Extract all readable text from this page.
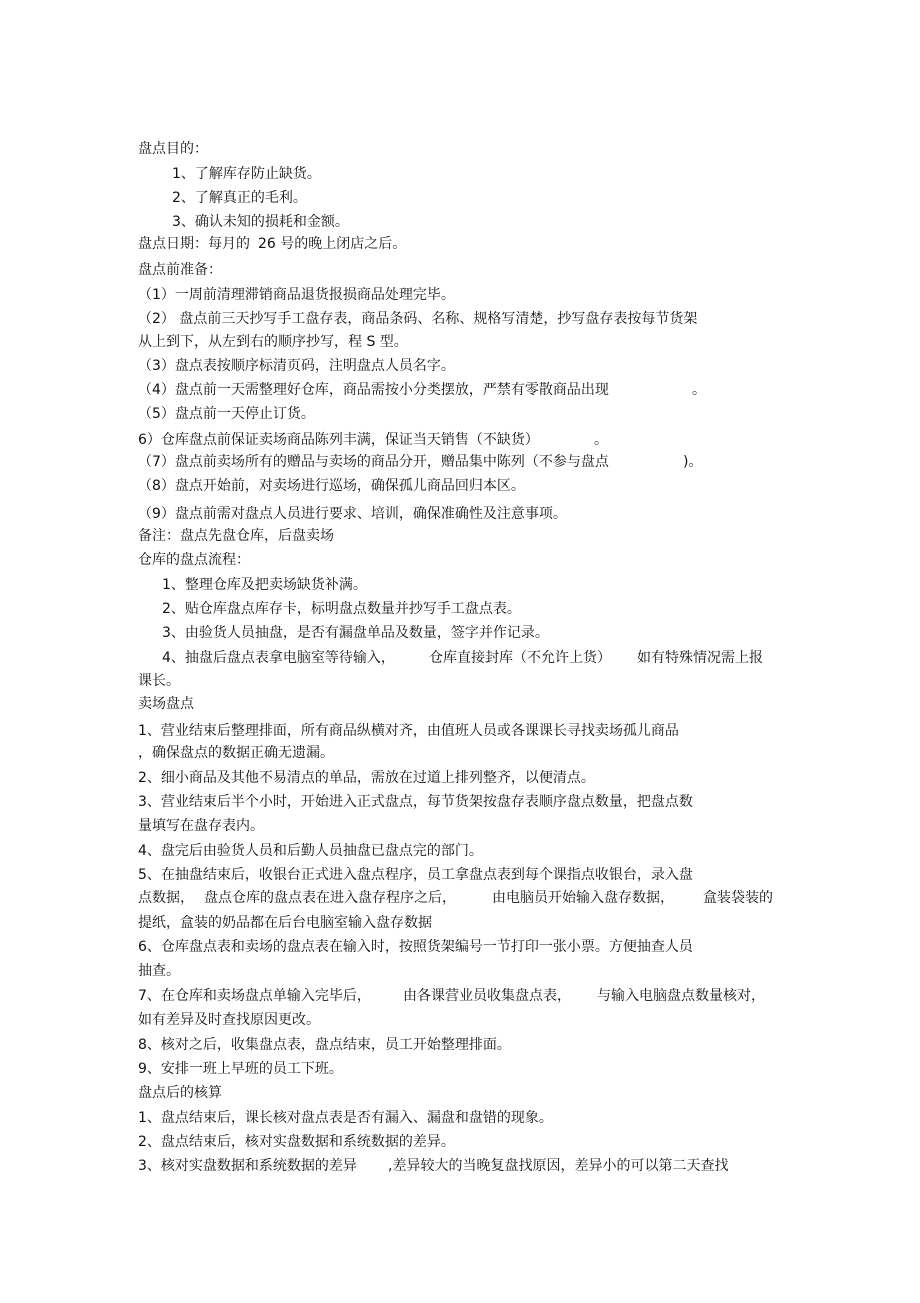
盘点目的：
1、了解库存防止缺货。
2、了解真正的毛利。
3、确认未知的损耗和金额。
盘点日期：每月的 26 号的晚上闭店之后。
盘点前准备：
（1）一周前清理滞销商品退货报损商品处理完毕。
（2） 盘点前三天抄写手工盘存表，商品条码、名称、规格写清楚，抄写盘存表按每节货架
从上到下，从左到右的顺序抄写，程 S 型。
（3）盘点表按顺序标清页码，注明盘点人员名字。
（4）盘点前一天需整理好仓库，商品需按小分类摆放，严禁有零散商品出现	。
（5）盘点前一天停止订货。
6）仓库盘点前保证卖场商品陈列丰满，保证当天销售（不缺货）	。
（7）盘点前卖场所有的赠品与卖场的商品分开，赠品集中陈列（不参与盘点	)。
（8）盘点开始前，对卖场进行巡场，确保孤儿商品回归本区。
（9）盘点前需对盘点人员进行要求、培训，确保准确性及注意事项。
备注：盘点先盘仓库，后盘卖场
仓库的盘点流程：
1、整理仓库及把卖场缺货补满。
2、贴仓库盘点库存卡，标明盘点数量并抄写手工盘点表。
3、由验货人员抽盘，是否有漏盘单品及数量，签字并作记录。
4、抽盘后盘点表拿电脑室等待输入， 仓库直接封库（不允许上货） 如有特殊情况需上报
课长。
卖场盘点
1、营业结束后整理排面，所有商品纵横对齐，由值班人员或各课课长寻找卖场孤儿商品
，确保盘点的数据正确无遗漏。
2、细小商品及其他不易清点的单品，需放在过道上排列整齐，以便清点。
3、营业结束后半个小时，开始进入正式盘点，每节货架按盘存表顺序盘点数量，把盘点数
量填写在盘存表内。
4、盘完后由验货人员和后勤人员抽盘已盘点完的部门。
5、在抽盘结束后，收银台正式进入盘点程序，员工拿盘点表到每个课指点收银台，录入盘
点数据， 盘点仓库的盘点表在进入盘存程序之后，	由电脑员开始输入盘存数据， 盒装袋装的
提纸，盒装的奶品都在后台电脑室输入盘存数据
6、仓库盘点表和卖场的盘点表在输入时，按照货架编号一节打印一张小票。方便抽查人员
抽查。
7、在仓库和卖场盘点单输入完毕后， 由各课营业员收集盘点表， 与输入电脑盘点数量核对，
如有差异及时查找原因更改。
8、核对之后，收集盘点表，盘点结束，员工开始整理排面。
9、安排一班上早班的员工下班。
盘点后的核算
1、盘点结束后，课长核对盘点表是否有漏入、漏盘和盘错的现象。
2、盘点结束后，核对实盘数据和系统数据的差异。
3、核对实盘数据和系统数据的差异 ,差异较大的当晚复盘找原因，差异小的可以第二天查找
